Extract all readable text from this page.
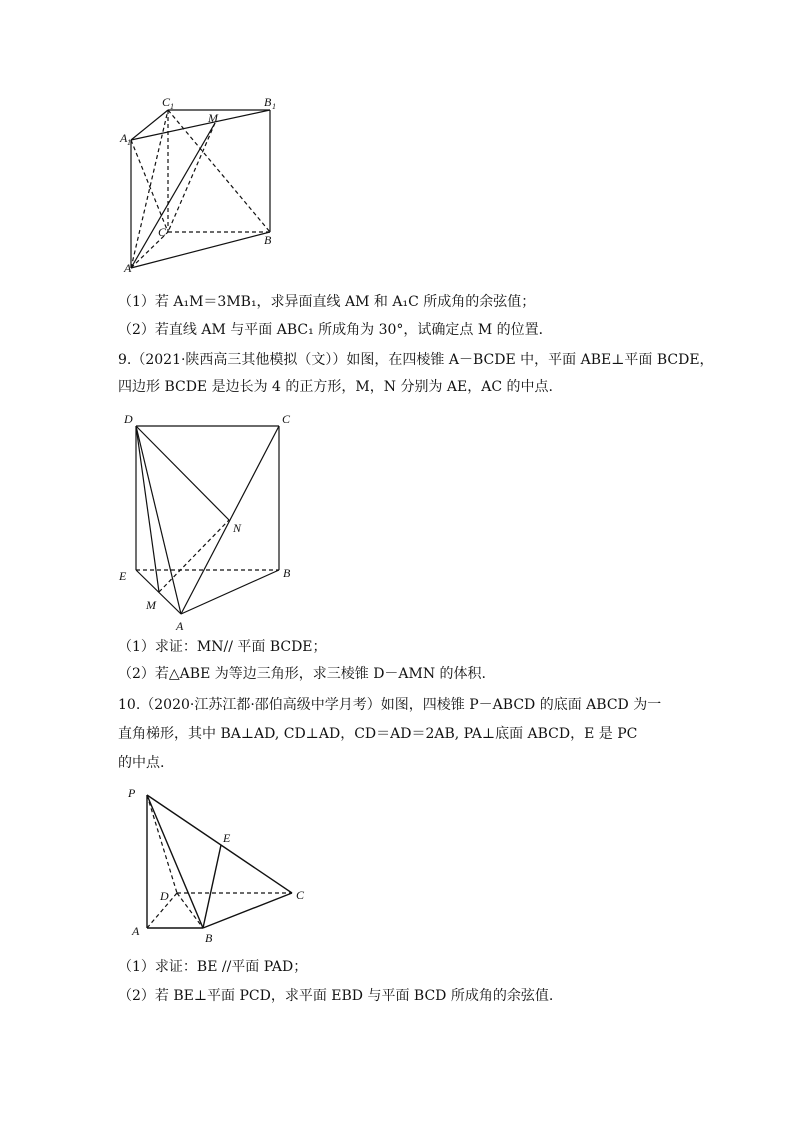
C 1	B 1
A 1
M
C
B
A
D	C
N
E	B
M
A
P
E
D	C
A	B
（1）若 A₁M＝3MB₁，求异面直线 AM 和 A₁C 所成角的余弦值；
（2）若直线 AM 与平面 ABC₁ 所成角为 30°，试确定点 M 的位置．
9.（2021·陕西高三其他模拟（文））如图，在四棱锥 A－BCDE 中，平面 ABE⊥平面 BCDE，
四边形 BCDE 是边长为 4 的正方形，M，N 分别为 AE，AC 的中点.
（1）求证：MN// 平面 BCDE；
（2）若△ABE 为等边三角形，求三棱锥 D－AMN 的体积.
10.（2020·江苏江都·邵伯高级中学月考）如图，四棱锥 P－ABCD 的底面 ABCD 为一
直角梯形，其中 BA⊥AD, CD⊥AD，CD＝AD＝2AB, PA⊥底面 ABCD，E 是 PC
的中点.
（1）求证：BE //平面 PAD；
（2）若 BE⊥平面 PCD，求平面 EBD 与平面 BCD 所成角的余弦值.
